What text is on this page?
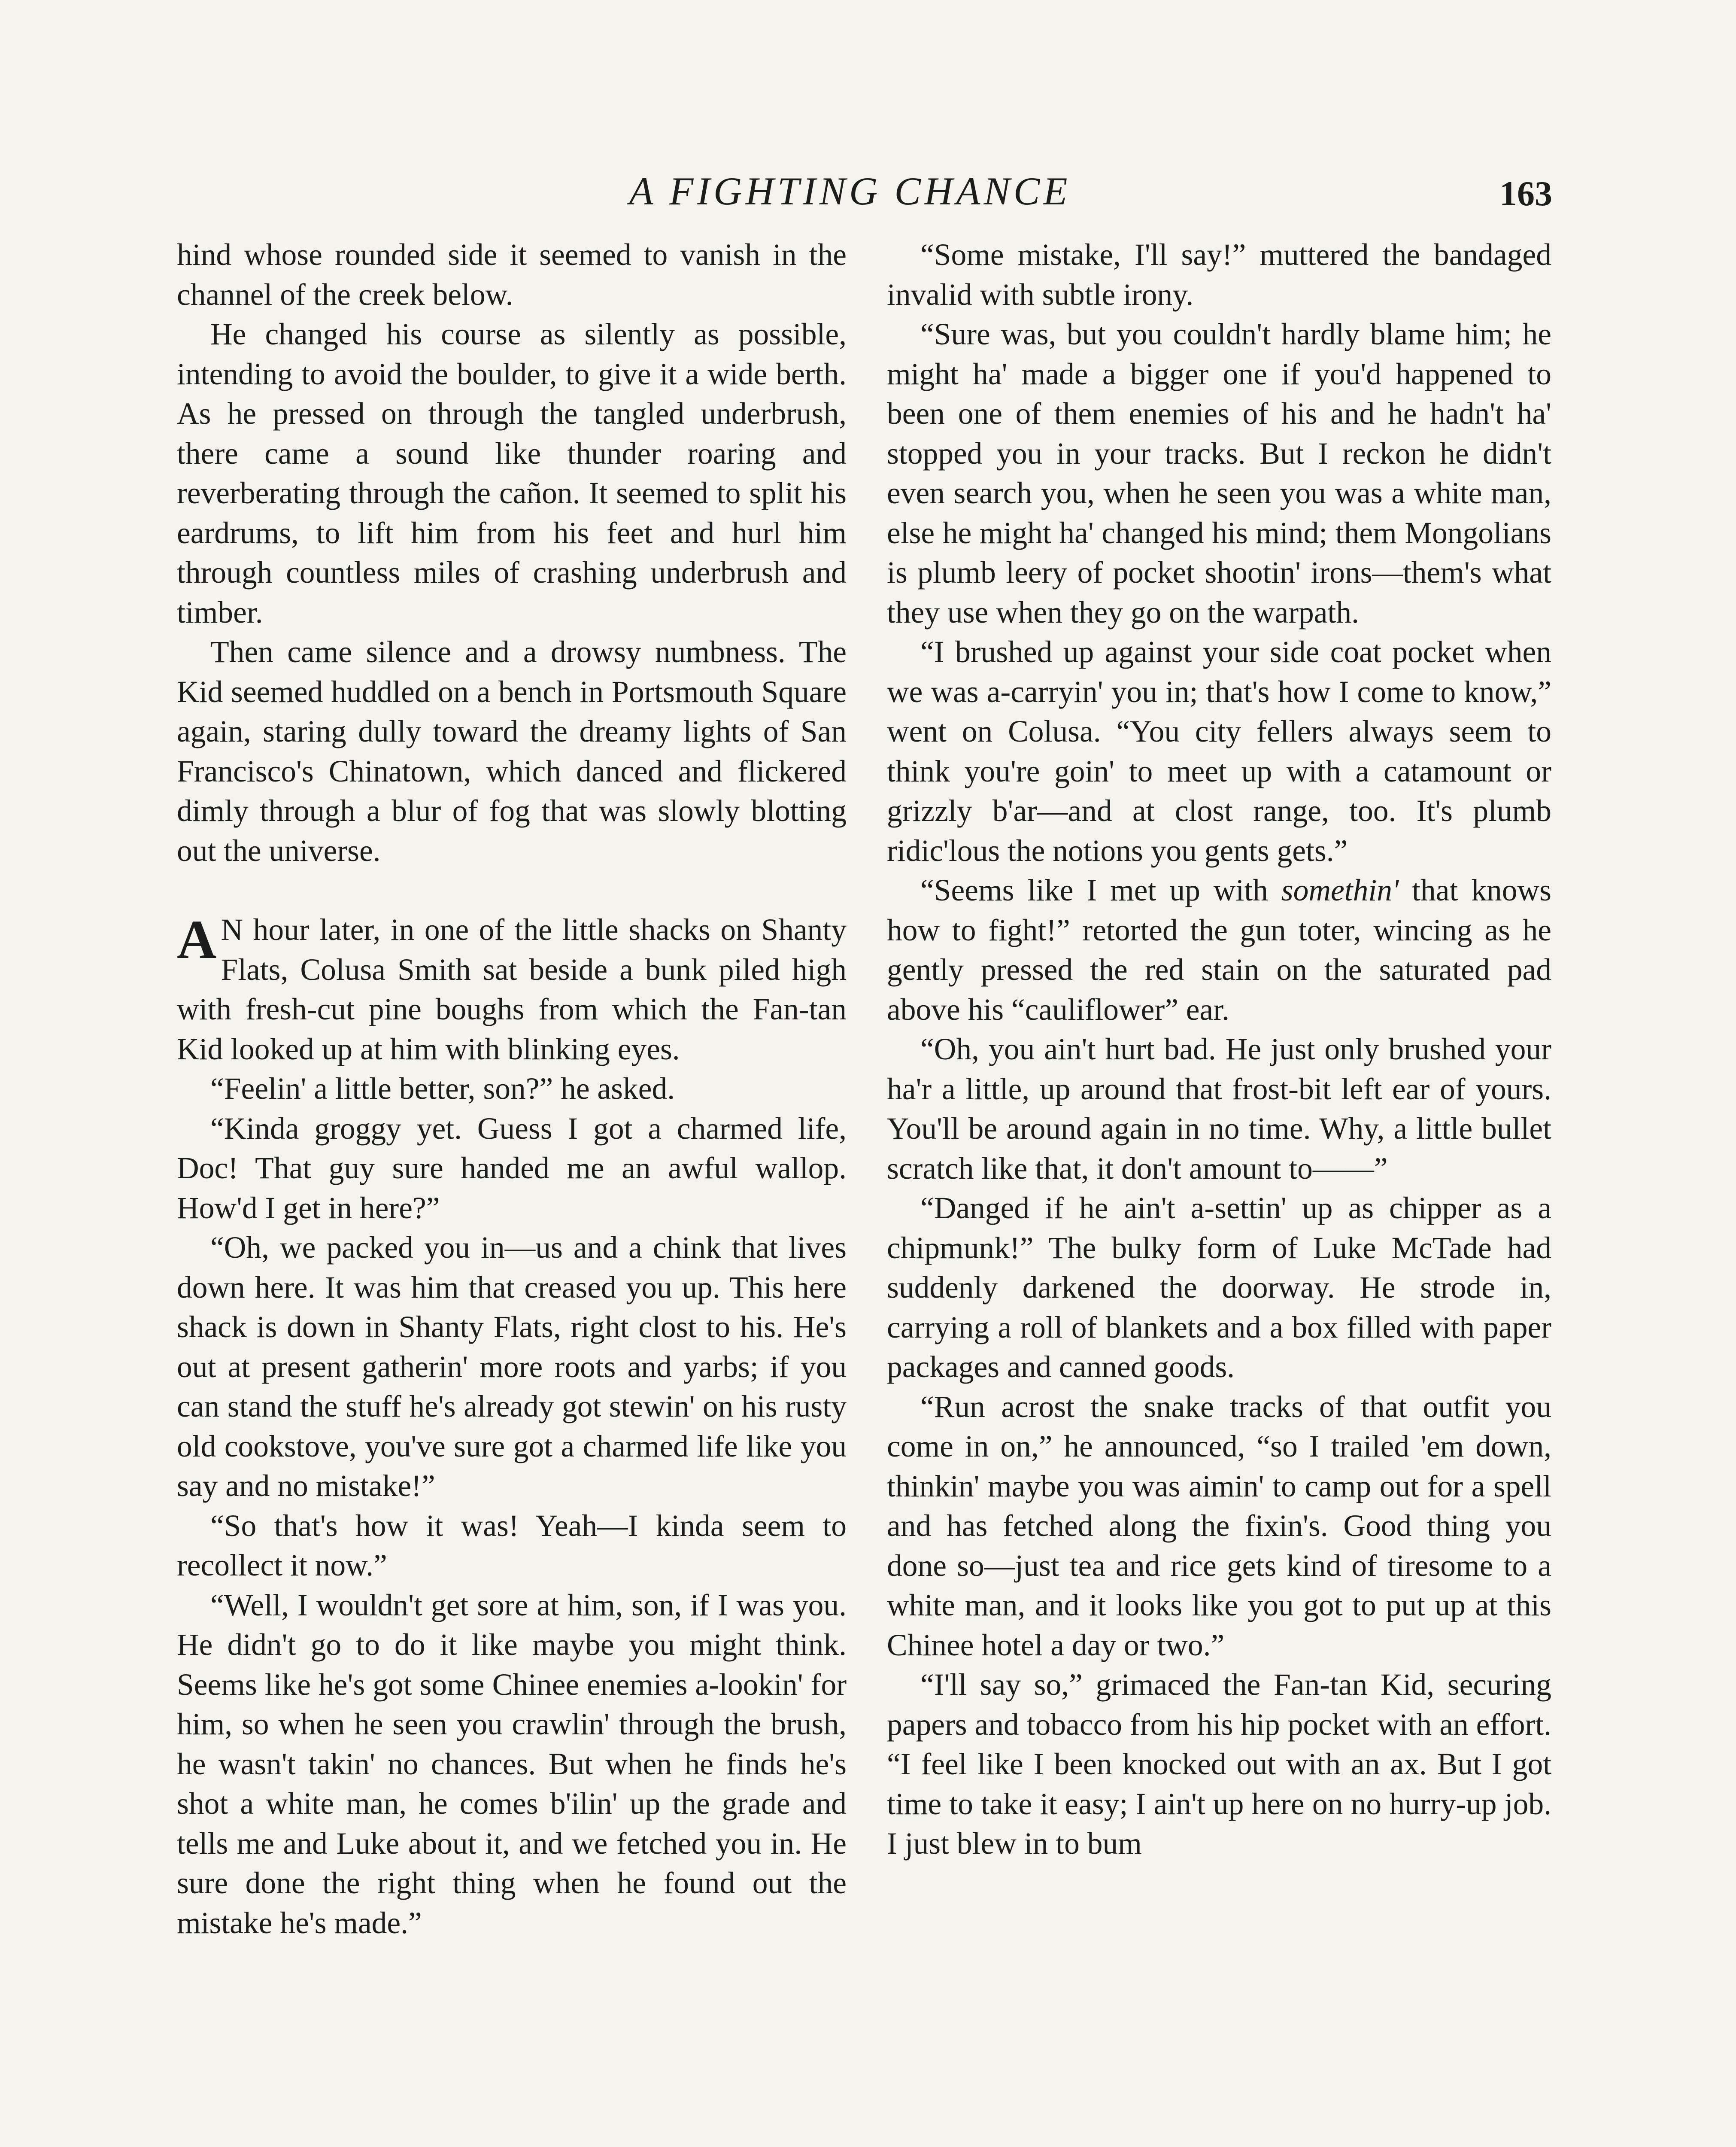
A FIGHTING CHANCE	163

hind whose rounded side it seemed to vanish in the channel of the creek below.

He changed his course as silently as possible, intending to avoid the boulder, to give it a wide berth. As he pressed on through the tangled underbrush, there came a sound like thunder roaring and reverberating through the cañon. It seemed to split his eardrums, to lift him from his feet and hurl him through countless miles of crashing underbrush and timber.

Then came silence and a drowsy numbness. The Kid seemed huddled on a bench in Portsmouth Square again, staring dully toward the dreamy lights of San Francisco's Chinatown, which danced and flickered dimly through a blur of fog that was slowly blotting out the universe.

A N hour later, in one of the little shacks on Shanty Flats, Colusa Smith sat beside a bunk piled high with fresh-cut pine boughs from which the Fan-tan Kid looked up at him with blinking eyes.

“Feelin' a little better, son?” he asked.

“Kinda groggy yet. Guess I got a charmed life, Doc! That guy sure handed me an awful wallop. How'd I get in here?”

“Oh, we packed you in—us and a chink that lives down here. It was him that creased you up. This here shack is down in Shanty Flats, right clost to his. He's out at present gatherin' more roots and yarbs; if you can stand the stuff he's already got stewin' on his rusty old cookstove, you've sure got a charmed life like you say and no mistake!”

“So that's how it was! Yeah—I kinda seem to recollect it now.”

“Well, I wouldn't get sore at him, son, if I was you. He didn't go to do it like maybe you might think. Seems like he's got some Chinee enemies a-lookin' for him, so when he seen you crawlin' through the brush, he wasn't takin' no chances. But when he finds he's shot a white man, he comes b'ilin' up the grade and tells me and Luke about it, and we fetched you in. He sure done the right thing when he found out the mistake he's made.”

“Some mistake, I'll say!” muttered the bandaged invalid with subtle irony.

“Sure was, but you couldn't hardly blame him; he might ha' made a bigger one if you'd happened to been one of them enemies of his and he hadn't ha' stopped you in your tracks. But I reckon he didn't even search you, when he seen you was a white man, else he might ha' changed his mind; them Mongolians is plumb leery of pocket shootin' irons—them's what they use when they go on the warpath.

“I brushed up against your side coat pocket when we was a-carryin' you in; that's how I come to know,” went on Colusa. “You city fellers always seem to think you're goin' to meet up with a catamount or grizzly b'ar—and at clost range, too. It's plumb ridic'lous the notions you gents gets.”

“Seems like I met up with somethin' that knows how to fight!” retorted the gun toter, wincing as he gently pressed the red stain on the saturated pad above his “cauliflower” ear.

“Oh, you ain't hurt bad. He just only brushed your ha'r a little, up around that frost-bit left ear of yours. You'll be around again in no time. Why, a little bullet scratch like that, it don't amount to——”

“Danged if he ain't a-settin' up as chipper as a chipmunk!” The bulky form of Luke McTade had suddenly darkened the doorway. He strode in, carrying a roll of blankets and a box filled with paper packages and canned goods.

“Run acrost the snake tracks of that outfit you come in on,” he announced, “so I trailed 'em down, thinkin' maybe you was aimin' to camp out for a spell and has fetched along the fixin's. Good thing you done so—just tea and rice gets kind of tiresome to a white man, and it looks like you got to put up at this Chinee hotel a day or two.”

“I'll say so,” grimaced the Fan-tan Kid, securing papers and tobacco from his hip pocket with an effort. “I feel like I been knocked out with an ax. But I got time to take it easy; I ain't up here on no hurry-up job. I just blew in to bum
